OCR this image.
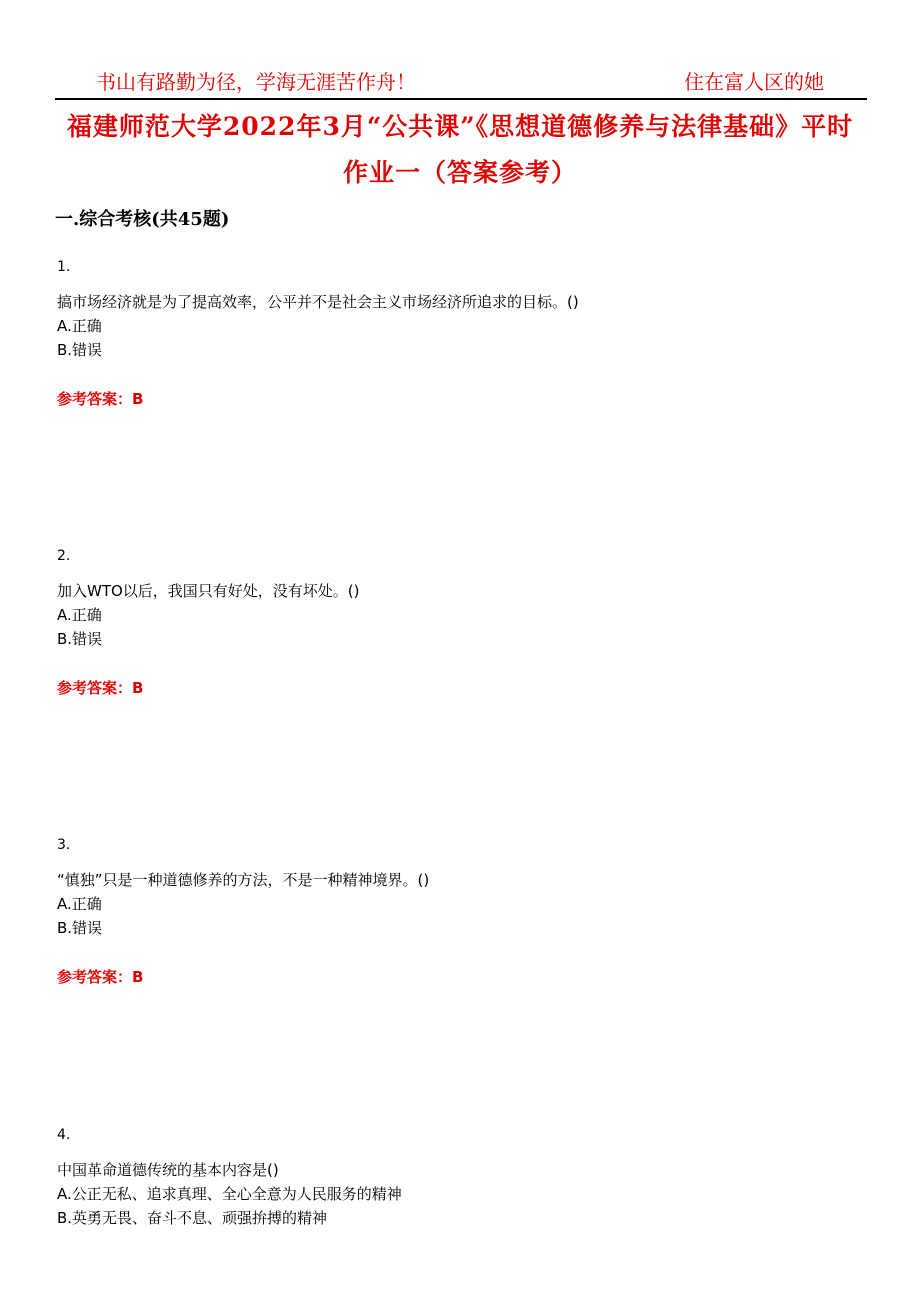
书山有路勤为径，学海无涯苦作舟！	住在富人区的她
福建师范大学2022年3月“公共课”《思想道德修养与法律基础》平时作业一（答案参考）
一.综合考核(共45题)
1.
搞市场经济就是为了提高效率，公平并不是社会主义市场经济所追求的目标。()
A.正确
B.错误
参考答案：B
2.
加入WTO以后，我国只有好处，没有坏处。()
A.正确
B.错误
参考答案：B
3.
“慎独”只是一种道德修养的方法，不是一种精神境界。()
A.正确
B.错误
参考答案：B
4.
中国革命道德传统的基本内容是()
A.公正无私、追求真理、全心全意为人民服务的精神
B.英勇无畏、奋斗不息、顽强拚搏的精神
